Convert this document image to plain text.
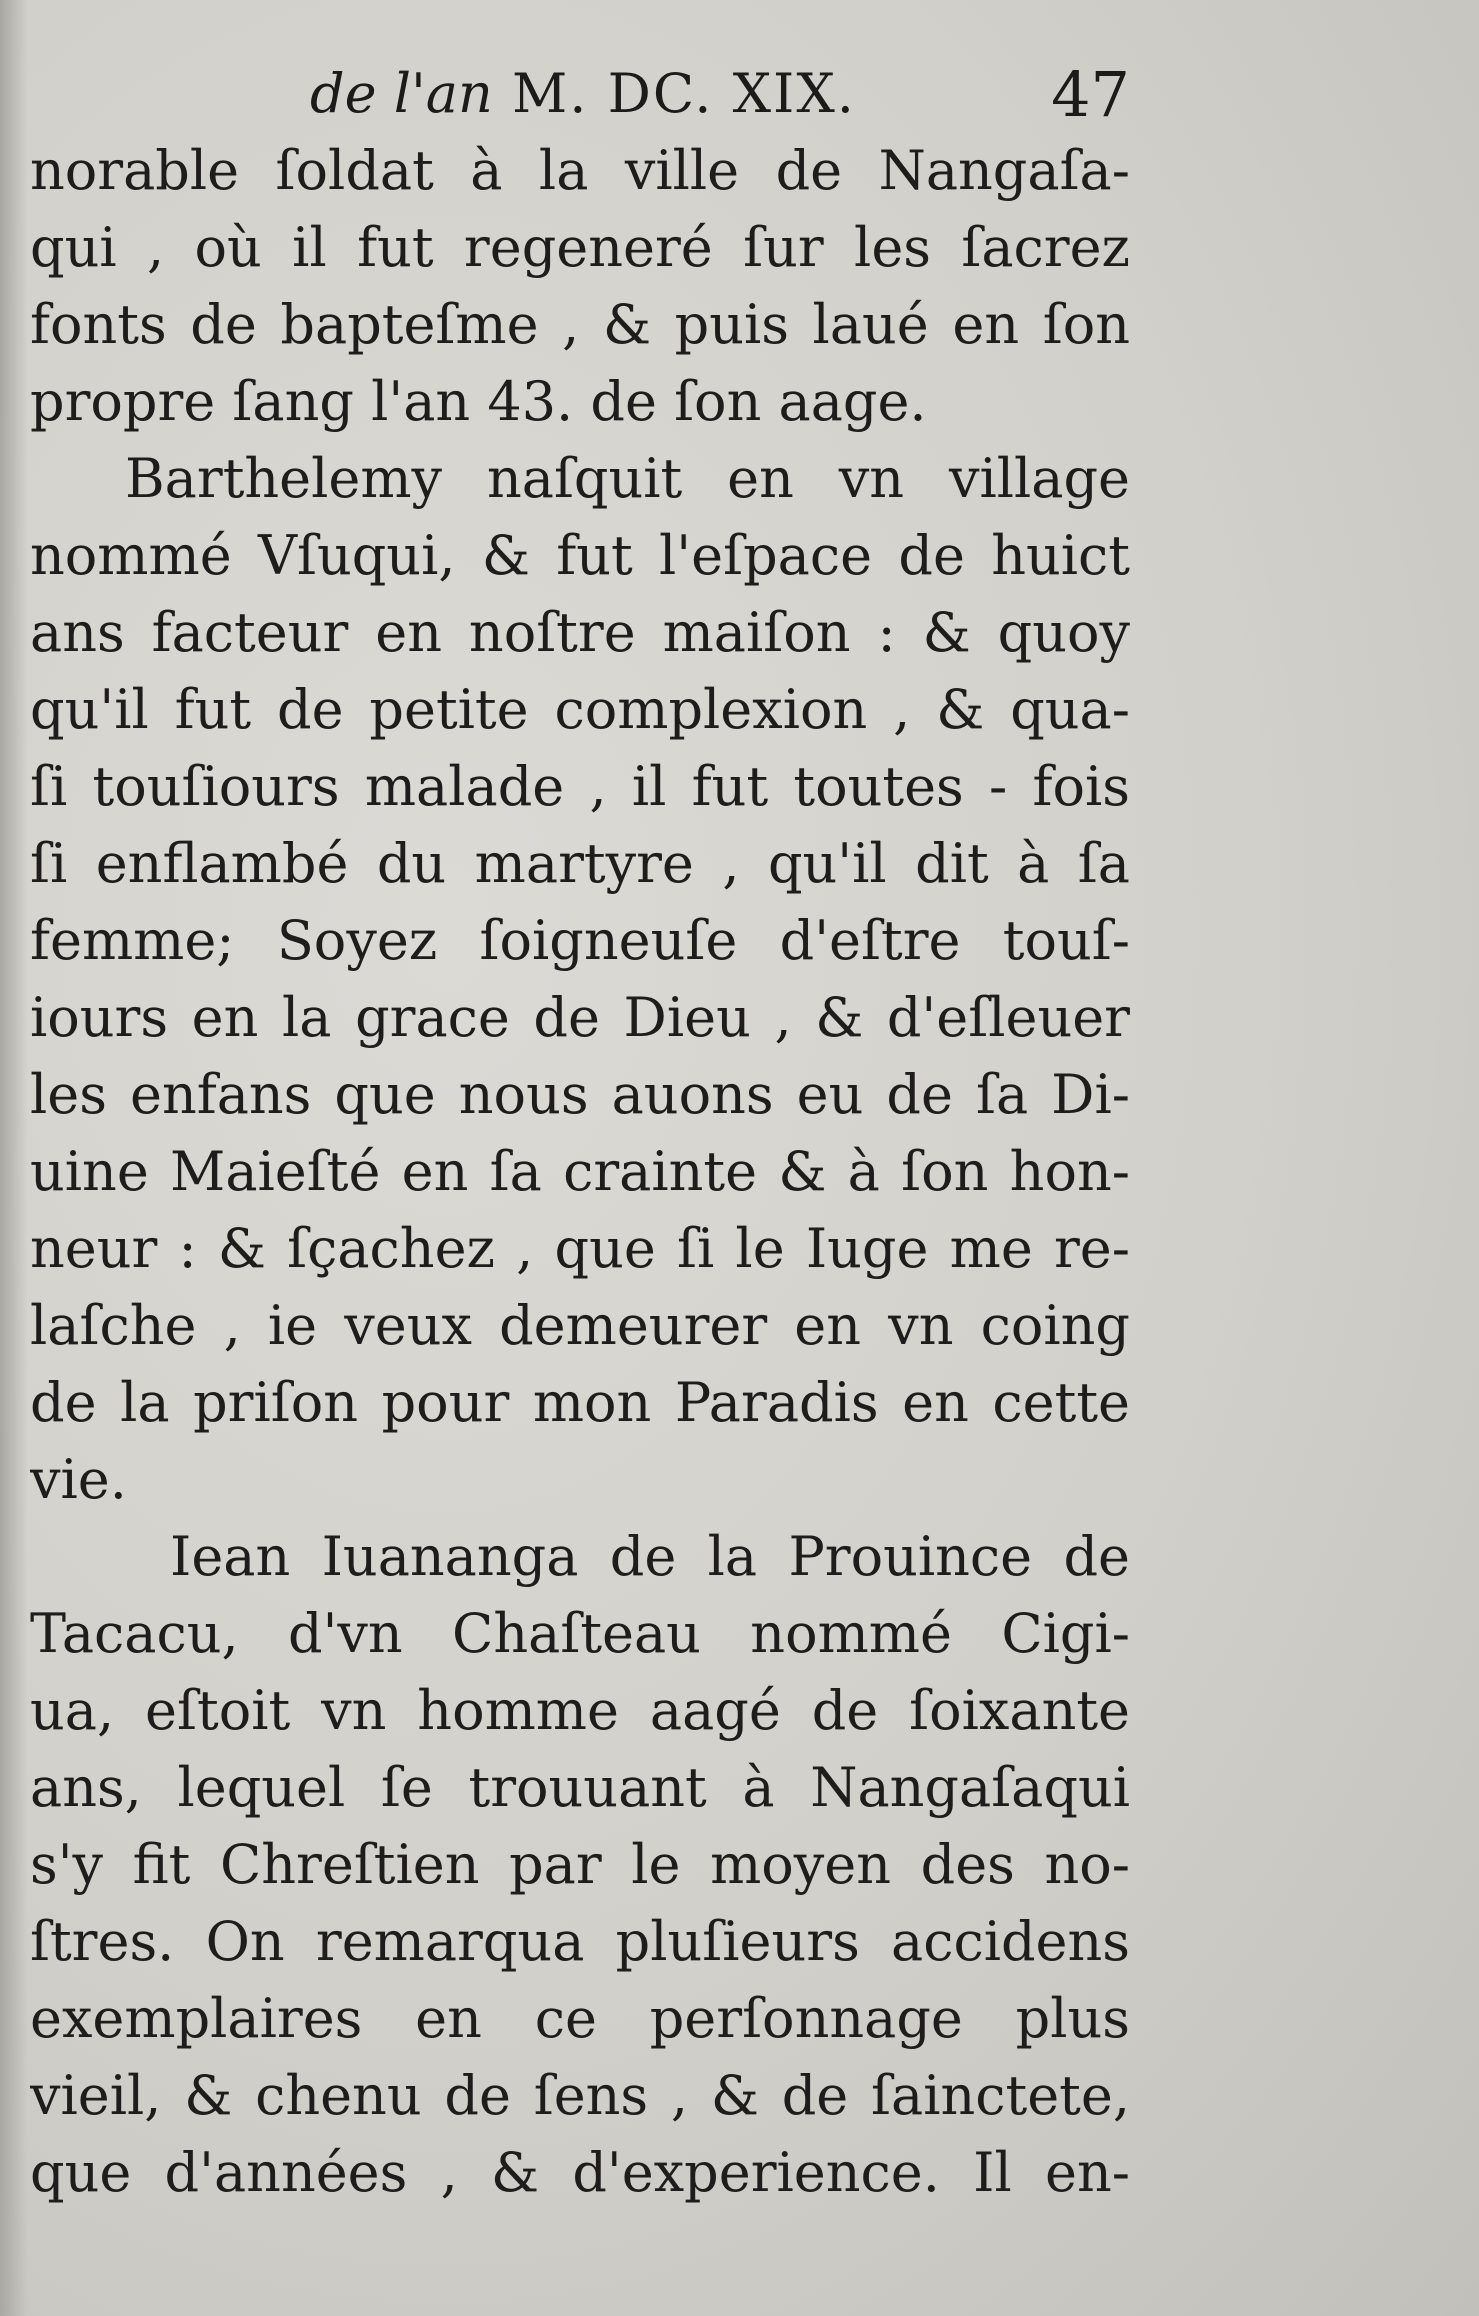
de l'an M. DC. XIX.	47
norable ſoldat à la ville de Nangaſa-
qui , où il fut regeneré ſur les ſacrez
fonts de bapteſme , & puis laué en ſon
propre ſang l'an 43. de ſon aage.
Barthelemy naſquit en vn village
nommé Vſuqui, & fut l'eſpace de huict
ans facteur en noſtre maiſon : & quoy
qu'il fut de petite complexion , & qua-
ſi touſiours malade , il fut toutes - fois
ſi enflambé du martyre , qu'il dit à ſa
femme; Soyez ſoigneuſe d'eſtre touſ-
iours en la grace de Dieu , & d'eſleuer
les enfans que nous auons eu de ſa Di-
uine Maieſté en ſa crainte & à ſon hon-
neur : & ſçachez , que ſi le Iuge me re-
laſche , ie veux demeurer en vn coing
de la priſon pour mon Paradis en cette
vie.
Iean Iuananga de la Prouince de
Tacacu, d'vn Chaſteau nommé Cigi-
ua, eſtoit vn homme aagé de ſoixante
ans, lequel ſe trouuant à Nangaſaqui
s'y fit Chreſtien par le moyen des no-
ſtres. On remarqua pluſieurs accidens
exemplaires en ce perſonnage plus
vieil, & chenu de ſens , & de ſainctete,
que d'années , & d'experience. Il en-
